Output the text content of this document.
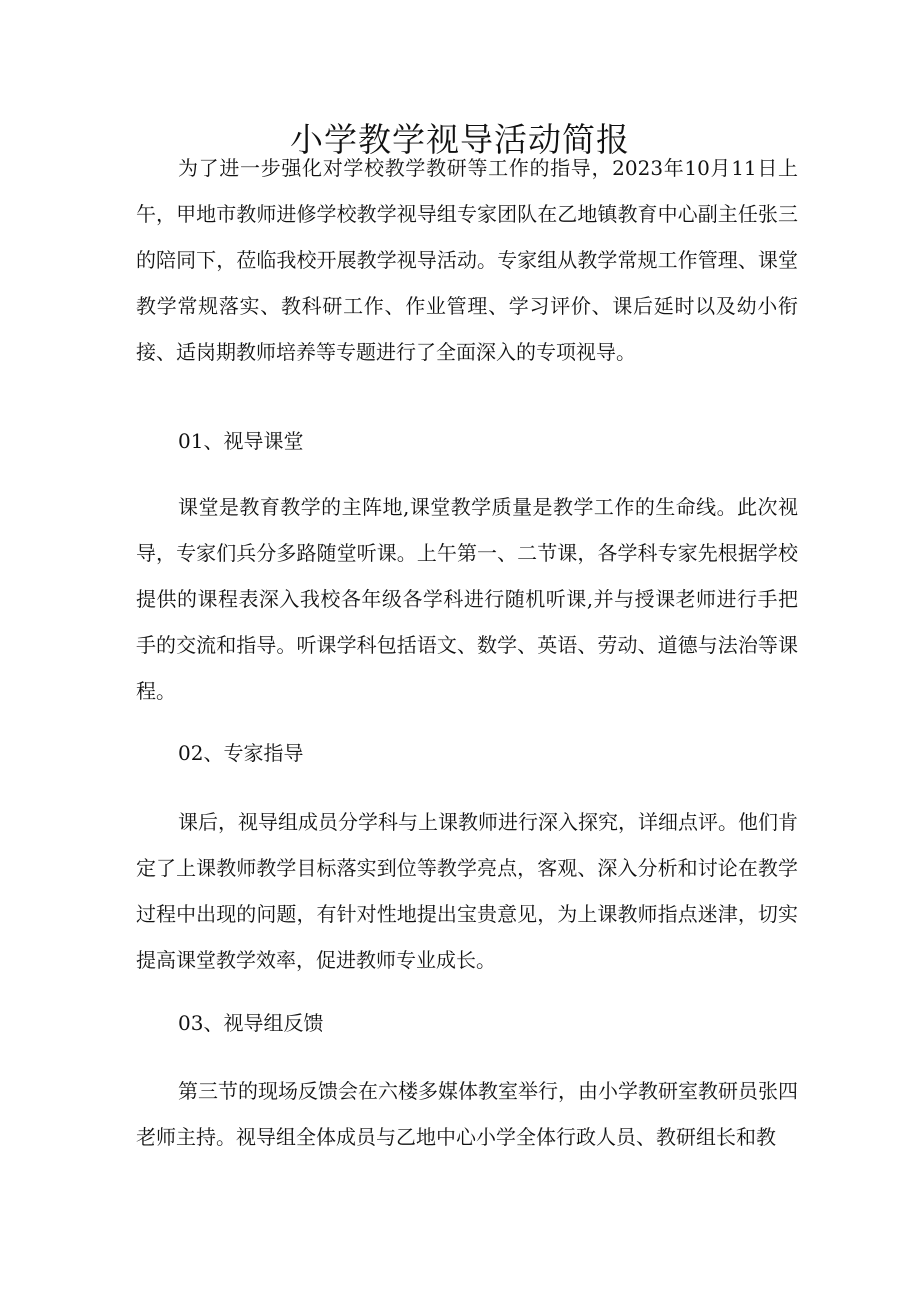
小学教学视导活动简报

为了进一步强化对学校教学教研等工作的指导，2023年10月11日上午，甲地市教师进修学校教学视导组专家团队在乙地镇教育中心副主任张三的陪同下，莅临我校开展教学视导活动。专家组从教学常规工作管理、课堂教学常规落实、教科研工作、作业管理、学习评价、课后延时以及幼小衔接、适岗期教师培养等专题进行了全面深入的专项视导。

01、视导课堂

课堂是教育教学的主阵地,课堂教学质量是教学工作的生命线。此次视导，专家们兵分多路随堂听课。上午第一、二节课，各学科专家先根据学校提供的课程表深入我校各年级各学科进行随机听课,并与授课老师进行手把手的交流和指导。听课学科包括语文、数学、英语、劳动、道德与法治等课程。

02、专家指导

课后，视导组成员分学科与上课教师进行深入探究，详细点评。他们肯定了上课教师教学目标落实到位等教学亮点，客观、深入分析和讨论在教学过程中出现的问题，有针对性地提出宝贵意见，为上课教师指点迷津，切实提高课堂教学效率，促进教师专业成长。

03、视导组反馈

第三节的现场反馈会在六楼多媒体教室举行，由小学教研室教研员张四老师主持。视导组全体成员与乙地中心小学全体行政人员、教研组长和教
